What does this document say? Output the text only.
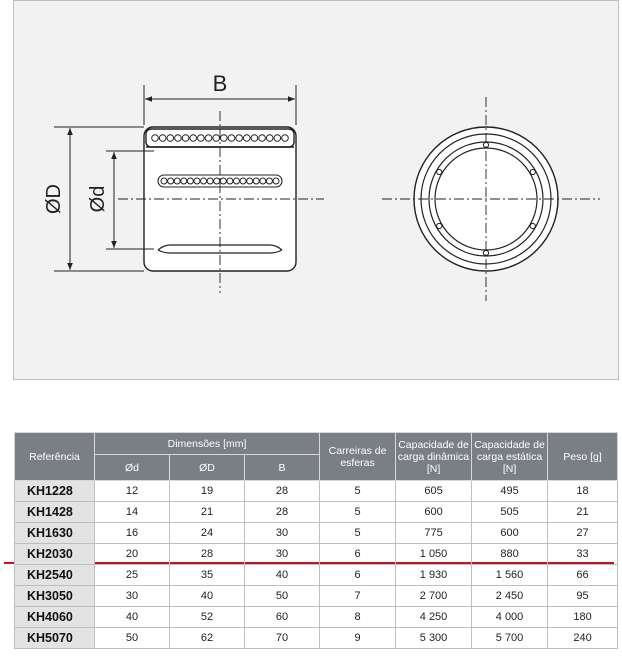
B
ØD Ød
Referência	Dimensões [mm]			Carreiras de esferas	Capacidade de carga dinâmica [N]	Capacidade de carga estática [N]	Peso [g]
	Ød	ØD	B				
KH1228	12	19	28	5	605	495	18
KH1428	14	21	28	5	600	505	21
KH1630	16	24	30	5	775	600	27
KH2030	20	28	30	6	1 050	880	33
KH2540	25	35	40	6	1 930	1 560	66
KH3050	30	40	50	7	2 700	2 450	95
KH4060	40	52	60	8	4 250	4 000	180
KH5070	50	62	70	9	5 300	5 700	240
